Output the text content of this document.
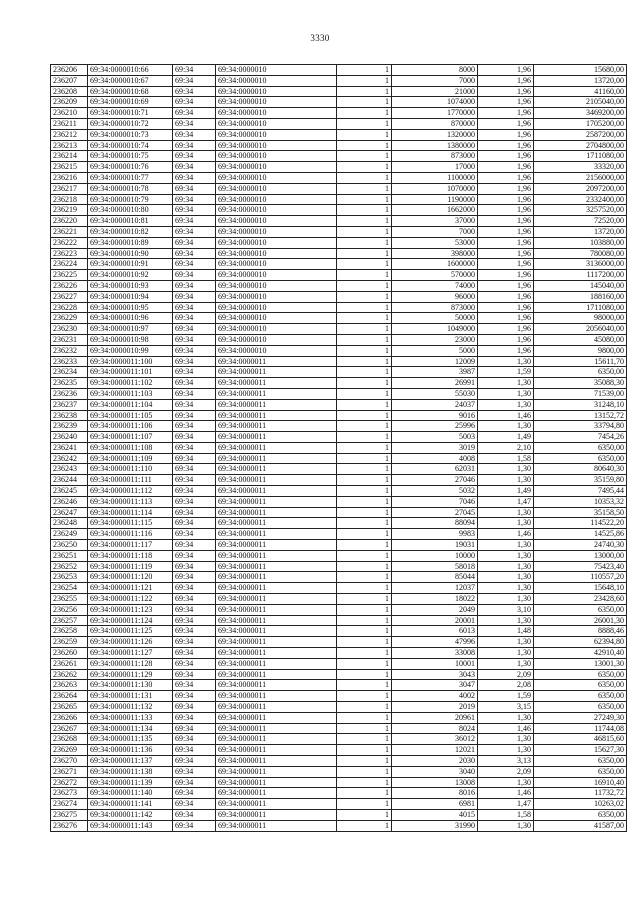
3330
236206	69:34:0000010:66	69:34	69:34:0000010	1	8000	1,96	15680,00
236207	69:34:0000010:67	69:34	69:34:0000010	1	7000	1,96	13720,00
236208	69:34:0000010:68	69:34	69:34:0000010	1	21000	1,96	41160,00
236209	69:34:0000010:69	69:34	69:34:0000010	1	1074000	1,96	2105040,00
236210	69:34:0000010:71	69:34	69:34:0000010	1	1770000	1,96	3469200,00
236211	69:34:0000010:72	69:34	69:34:0000010	1	870000	1,96	1705200,00
236212	69:34:0000010:73	69:34	69:34:0000010	1	1320000	1,96	2587200,00
236213	69:34:0000010:74	69:34	69:34:0000010	1	1380000	1,96	2704800,00
236214	69:34:0000010:75	69:34	69:34:0000010	1	873000	1,96	1711080,00
236215	69:34:0000010:76	69:34	69:34:0000010	1	17000	1,96	33320,00
236216	69:34:0000010:77	69:34	69:34:0000010	1	1100000	1,96	2156000,00
236217	69:34:0000010:78	69:34	69:34:0000010	1	1070000	1,96	2097200,00
236218	69:34:0000010:79	69:34	69:34:0000010	1	1190000	1,96	2332400,00
236219	69:34:0000010:80	69:34	69:34:0000010	1	1662000	1,96	3257520,00
236220	69:34:0000010:81	69:34	69:34:0000010	1	37000	1,96	72520,00
236221	69:34:0000010:82	69:34	69:34:0000010	1	7000	1,96	13720,00
236222	69:34:0000010:89	69:34	69:34:0000010	1	53000	1,96	103880,00
236223	69:34:0000010:90	69:34	69:34:0000010	1	398000	1,96	780080,00
236224	69:34:0000010:91	69:34	69:34:0000010	1	1600000	1,96	3136000,00
236225	69:34:0000010:92	69:34	69:34:0000010	1	570000	1,96	1117200,00
236226	69:34:0000010:93	69:34	69:34:0000010	1	74000	1,96	145040,00
236227	69:34:0000010:94	69:34	69:34:0000010	1	96000	1,96	188160,00
236228	69:34:0000010:95	69:34	69:34:0000010	1	873000	1,96	1711080,00
236229	69:34:0000010:96	69:34	69:34:0000010	1	50000	1,96	98000,00
236230	69:34:0000010:97	69:34	69:34:0000010	1	1049000	1,96	2056040,00
236231	69:34:0000010:98	69:34	69:34:0000010	1	23000	1,96	45080,00
236232	69:34:0000010:99	69:34	69:34:0000010	1	5000	1,96	9800,00
236233	69:34:0000011:100	69:34	69:34:0000011	1	12009	1,30	15611,70
236234	69:34:0000011:101	69:34	69:34:0000011	1	3987	1,59	6350,00
236235	69:34:0000011:102	69:34	69:34:0000011	1	26991	1,30	35088,30
236236	69:34:0000011:103	69:34	69:34:0000011	1	55030	1,30	71539,00
236237	69:34:0000011:104	69:34	69:34:0000011	1	24037	1,30	31248,10
236238	69:34:0000011:105	69:34	69:34:0000011	1	9016	1,46	13152,72
236239	69:34:0000011:106	69:34	69:34:0000011	1	25996	1,30	33794,80
236240	69:34:0000011:107	69:34	69:34:0000011	1	5003	1,49	7454,26
236241	69:34:0000011:108	69:34	69:34:0000011	1	3019	2,10	6350,00
236242	69:34:0000011:109	69:34	69:34:0000011	1	4008	1,58	6350,00
236243	69:34:0000011:110	69:34	69:34:0000011	1	62031	1,30	80640,30
236244	69:34:0000011:111	69:34	69:34:0000011	1	27046	1,30	35159,80
236245	69:34:0000011:112	69:34	69:34:0000011	1	5032	1,49	7495,44
236246	69:34:0000011:113	69:34	69:34:0000011	1	7046	1,47	10353,32
236247	69:34:0000011:114	69:34	69:34:0000011	1	27045	1,30	35158,50
236248	69:34:0000011:115	69:34	69:34:0000011	1	88094	1,30	114522,20
236249	69:34:0000011:116	69:34	69:34:0000011	1	9983	1,46	14525,86
236250	69:34:0000011:117	69:34	69:34:0000011	1	19031	1,30	24740,30
236251	69:34:0000011:118	69:34	69:34:0000011	1	10000	1,30	13000,00
236252	69:34:0000011:119	69:34	69:34:0000011	1	58018	1,30	75423,40
236253	69:34:0000011:120	69:34	69:34:0000011	1	85044	1,30	110557,20
236254	69:34:0000011:121	69:34	69:34:0000011	1	12037	1,30	15648,10
236255	69:34:0000011:122	69:34	69:34:0000011	1	18022	1,30	23428,60
236256	69:34:0000011:123	69:34	69:34:0000011	1	2049	3,10	6350,00
236257	69:34:0000011:124	69:34	69:34:0000011	1	20001	1,30	26001,30
236258	69:34:0000011:125	69:34	69:34:0000011	1	6013	1,48	8888,46
236259	69:34:0000011:126	69:34	69:34:0000011	1	47996	1,30	62394,80
236260	69:34:0000011:127	69:34	69:34:0000011	1	33008	1,30	42910,40
236261	69:34:0000011:128	69:34	69:34:0000011	1	10001	1,30	13001,30
236262	69:34:0000011:129	69:34	69:34:0000011	1	3043	2,09	6350,00
236263	69:34:0000011:130	69:34	69:34:0000011	1	3047	2,08	6350,00
236264	69:34:0000011:131	69:34	69:34:0000011	1	4002	1,59	6350,00
236265	69:34:0000011:132	69:34	69:34:0000011	1	2019	3,15	6350,00
236266	69:34:0000011:133	69:34	69:34:0000011	1	20961	1,30	27249,30
236267	69:34:0000011:134	69:34	69:34:0000011	1	8024	1,46	11744,08
236268	69:34:0000011:135	69:34	69:34:0000011	1	36012	1,30	46815,60
236269	69:34:0000011:136	69:34	69:34:0000011	1	12021	1,30	15627,30
236270	69:34:0000011:137	69:34	69:34:0000011	1	2030	3,13	6350,00
236271	69:34:0000011:138	69:34	69:34:0000011	1	3040	2,09	6350,00
236272	69:34:0000011:139	69:34	69:34:0000011	1	13008	1,30	16910,40
236273	69:34:0000011:140	69:34	69:34:0000011	1	8016	1,46	11732,72
236274	69:34:0000011:141	69:34	69:34:0000011	1	6981	1,47	10263,02
236275	69:34:0000011:142	69:34	69:34:0000011	1	4015	1,58	6350,00
236276	69:34:0000011:143	69:34	69:34:0000011	1	31990	1,30	41587,00
